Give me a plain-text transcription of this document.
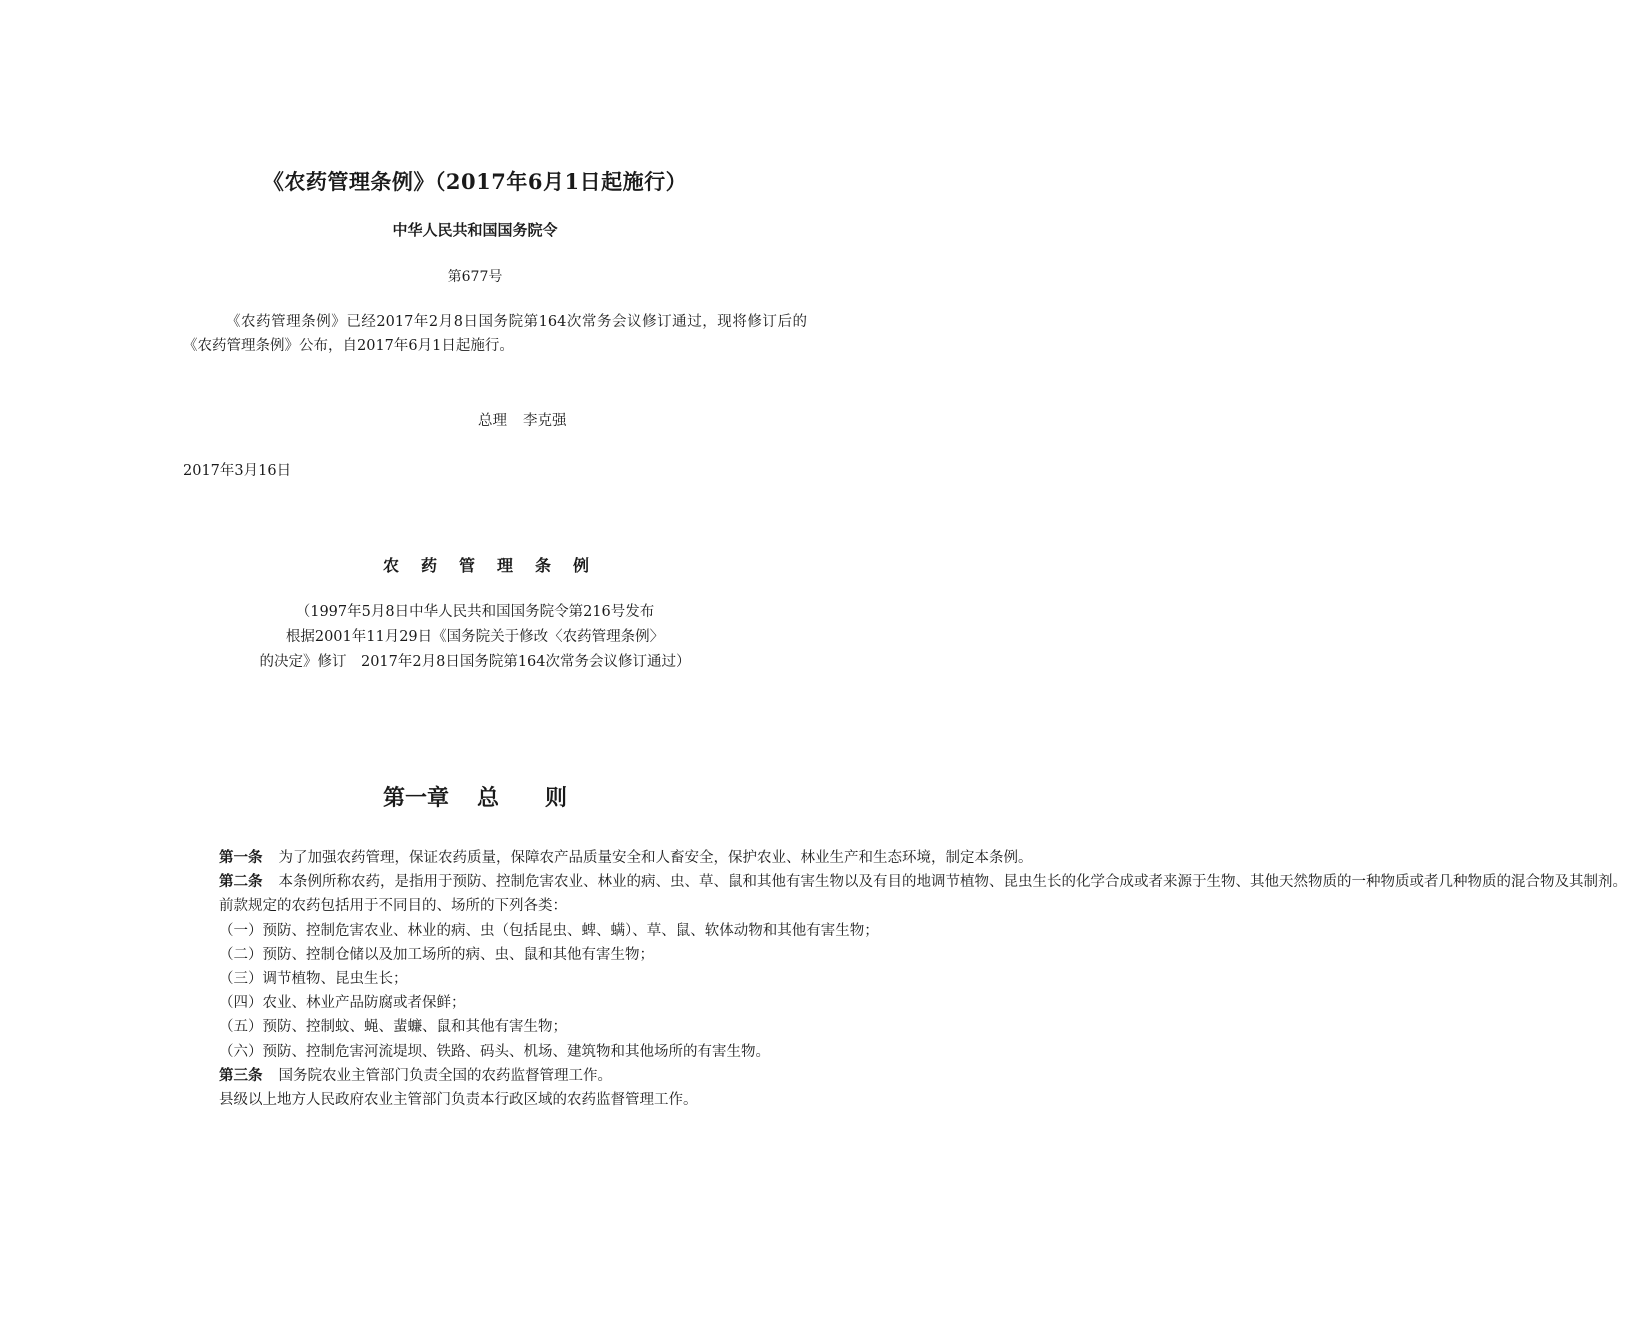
《农药管理条例》（2017年6月1日起施行）
中华人民共和国国务院令
第677号

《农药管理条例》已经2017年2月8日国务院第164次常务会议修订通过，现将修订后的《农药管理条例》公布，自2017年6月1日起施行。

总理 李克强
2017年3月16日
农药管理条例
（1997年5月8日中华人民共和国国务院令第216号发布
根据2001年11月29日《国务院关于修改〈农药管理条例〉
的决定》修订　2017年2月8日国务院第164次常务会议修订通过）
第一章 总 则

第一条 为了加强农药管理，保证农药质量，保障农产品质量安全和人畜安全，保护农业、林业生产和生态环境，制定本条例。

第二条 本条例所称农药，是指用于预防、控制危害农业、林业的病、虫、草、鼠和其他有害生物以及有目的地调节植物、昆虫生长的化学合成或者来源于生物、其他天然物质的一种物质或者几种物质的混合物及其制剂。

前款规定的农药包括用于不同目的、场所的下列各类：

（一）预防、控制危害农业、林业的病、虫（包括昆虫、蜱、螨）、草、鼠、软体动物和其他有害生物；

（二）预防、控制仓储以及加工场所的病、虫、鼠和其他有害生物；

（三）调节植物、昆虫生长；

（四）农业、林业产品防腐或者保鲜；

（五）预防、控制蚊、蝇、蜚蠊、鼠和其他有害生物；

（六）预防、控制危害河流堤坝、铁路、码头、机场、建筑物和其他场所的有害生物。

第三条 国务院农业主管部门负责全国的农药监督管理工作。

县级以上地方人民政府农业主管部门负责本行政区域的农药监督管理工作。
